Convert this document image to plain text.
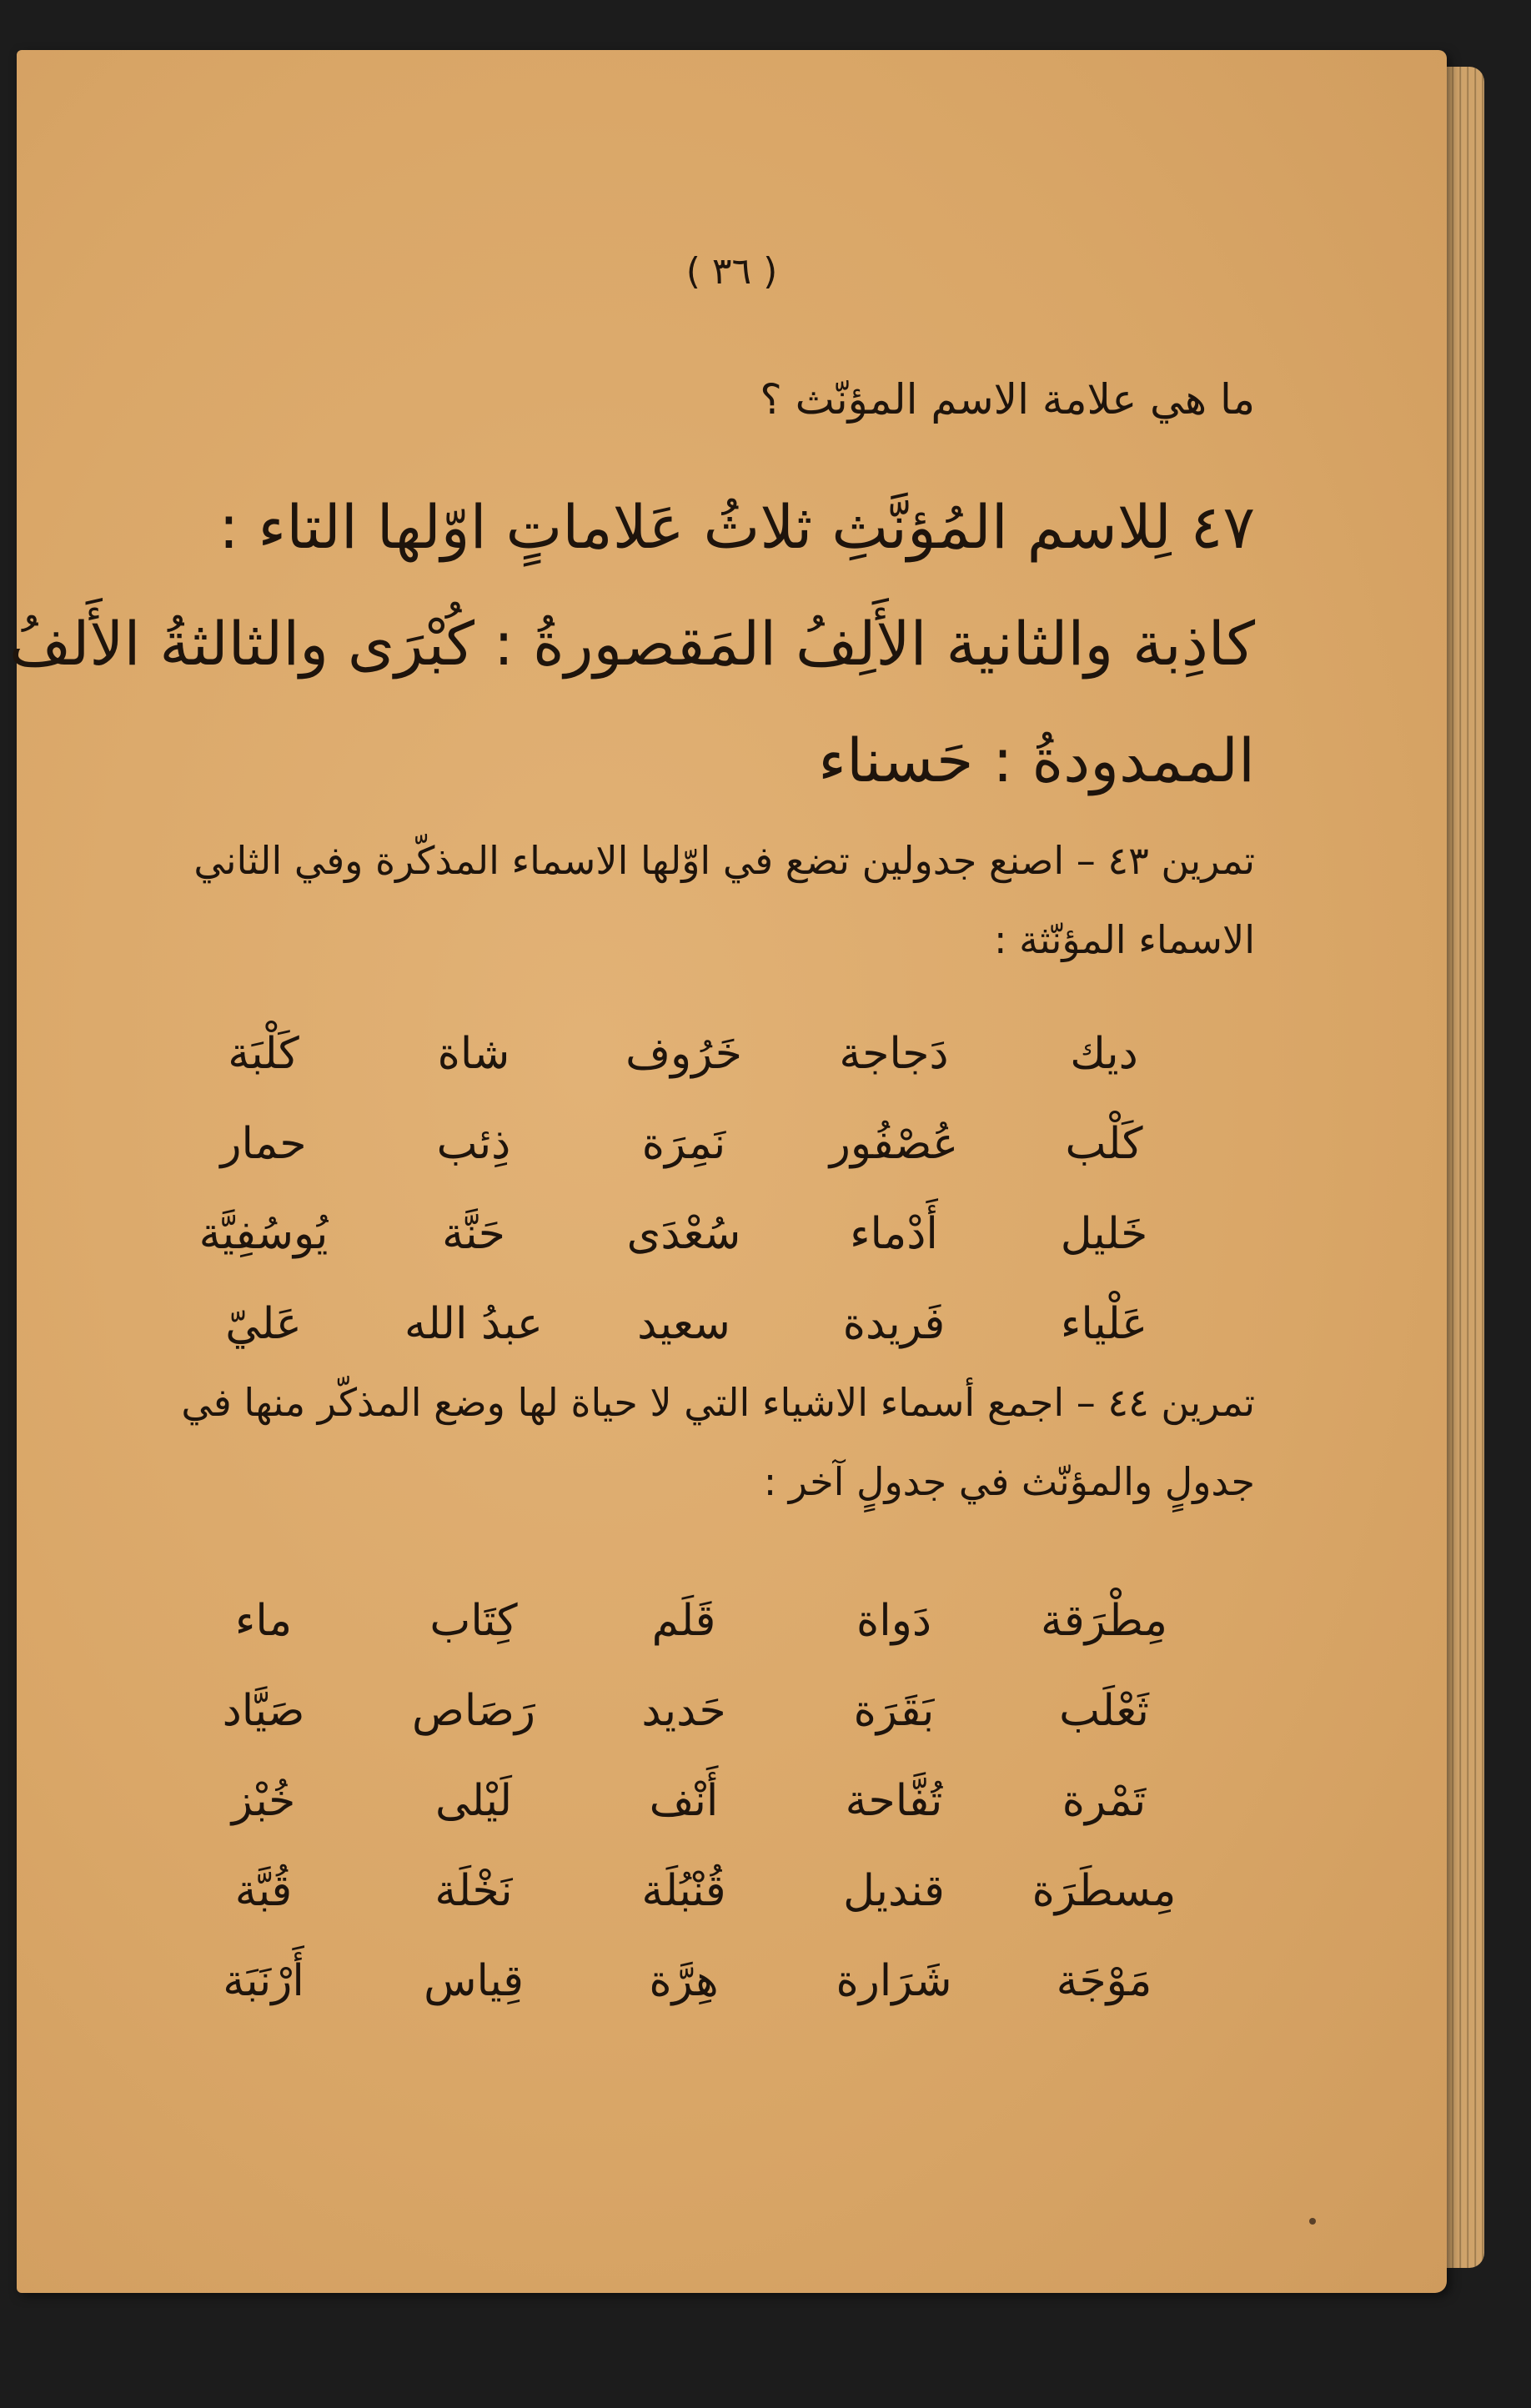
( ٣٦ )
ما هي علامة الاسم المؤنّث ؟
٤٧ لِلاسم المُؤنَّثِ ثلاثُ عَلاماتٍ اوّلها التاء :
كاذِبة والثانية الأَلِفُ المَقصورةُ : كُبْرَى والثالثةُ الأَلفُ
الممدودةُ : حَسناء
تمرين ٤٣ – اصنع جدولين تضع في اوّلها الاسماء المذكّرة وفي الثاني
الاسماء المؤنّثة :
ديك
دَجاجة
خَرُوف
شاة
كَلْبَة
كَلْب
عُصْفُور
نَمِرَة
ذِئب
حمار
خَليل
أَدْماء
سُعْدَى
حَنَّة
يُوسُفِيَّة
عَلْياء
فَريدة
سعيد
عبدُ الله
عَليّ
تمرين ٤٤ – اجمع أسماء الاشياء التي لا حياة لها وضع المذكّر منها في
جدولٍ والمؤنّث في جدولٍ آخر :
مِطْرَقة
دَواة
قَلَم
كِتَاب
ماء
ثَعْلَب
بَقَرَة
حَديد
رَصَاص
صَيَّاد
تَمْرة
تُفَّاحة
أَنْف
لَيْلى
خُبْز
مِسطَرَة
قنديل
قُنْبُلَة
نَخْلَة
قُبَّة
مَوْجَة
شَرَارة
هِرَّة
قِياس
أَرْنَبَة
